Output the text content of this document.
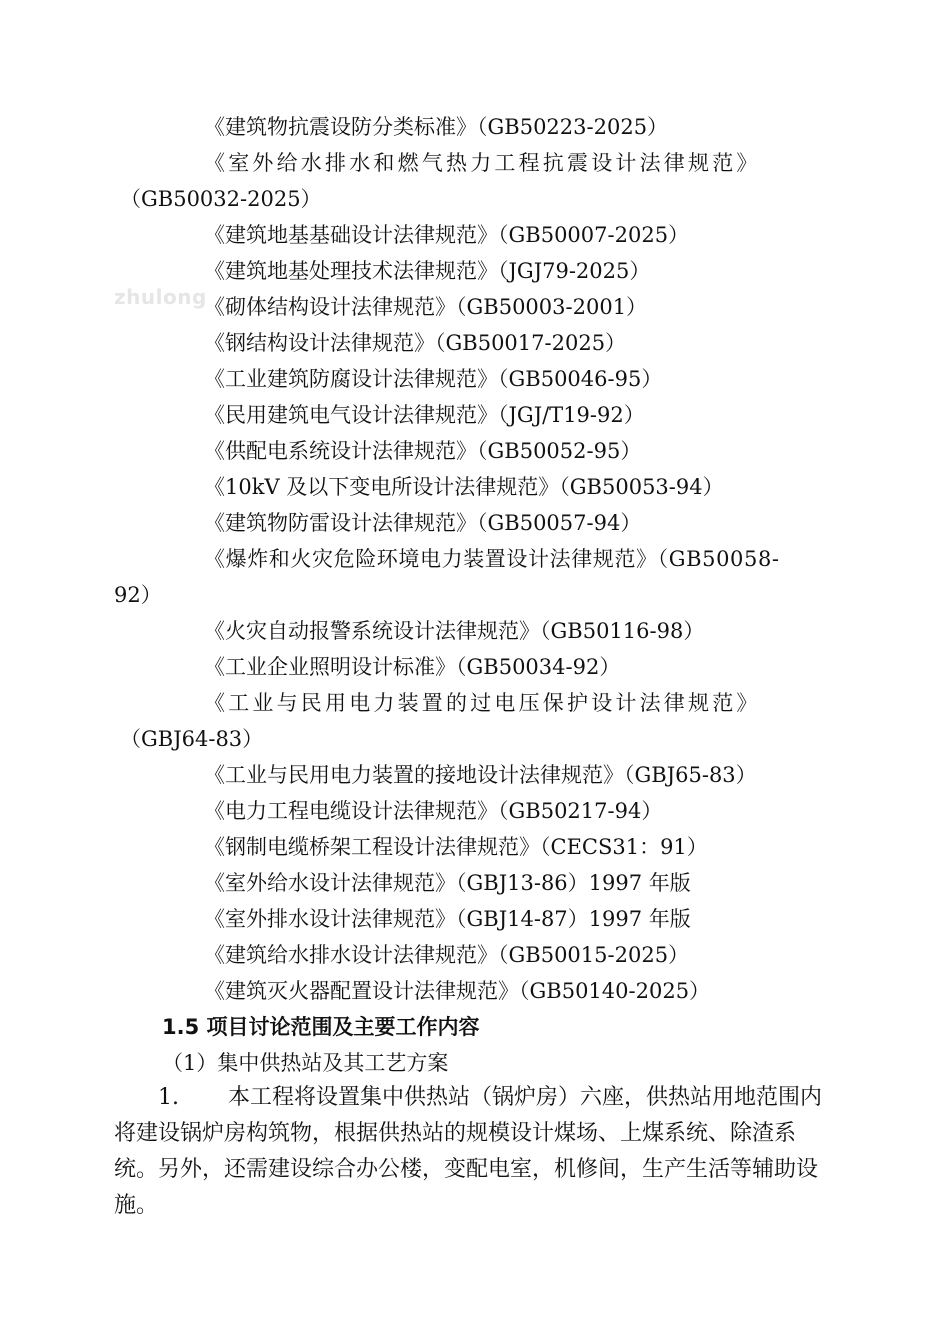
zhulong
《建筑物抗震设防分类标准》（GB50223-2025）
《室外给水排水和燃气热力工程抗震设计法律规范》
（GB50032-2025）
《建筑地基基础设计法律规范》（GB50007-2025）
《建筑地基处理技术法律规范》（JGJ79-2025）
《砌体结构设计法律规范》（GB50003-2001）
《钢结构设计法律规范》（GB50017-2025）
《工业建筑防腐设计法律规范》（GB50046-95）
《民用建筑电气设计法律规范》（JGJ/T19-92）
《供配电系统设计法律规范》（GB50052-95）
《10kV 及以下变电所设计法律规范》（GB50053-94）
《建筑物防雷设计法律规范》（GB50057-94）
《爆炸和火灾危险环境电力装置设计法律规范》（GB50058-
92）
《火灾自动报警系统设计法律规范》（GB50116-98）
《工业企业照明设计标准》（GB50034-92）
《工业与民用电力装置的过电压保护设计法律规范》
（GBJ64-83）
《工业与民用电力装置的接地设计法律规范》（GBJ65-83）
《电力工程电缆设计法律规范》（GB50217-94）
《钢制电缆桥架工程设计法律规范》（CECS31：91）
《室外给水设计法律规范》（GBJ13-86）1997 年版
《室外排水设计法律规范》（GBJ14-87）1997 年版
《建筑给水排水设计法律规范》（GB50015-2025）
《建筑灭火器配置设计法律规范》（GB50140-2025）
1.5 项目讨论范围及主要工作内容
（1）集中供热站及其工艺方案
1. 本工程将设置集中供热站（锅炉房）六座，供热站用地范围内将建设锅炉房构筑物，根据供热站的规模设计煤场、上煤系统、除渣系统。另外，还需建设综合办公楼，变配电室，机修间，生产生活等辅助设施。
